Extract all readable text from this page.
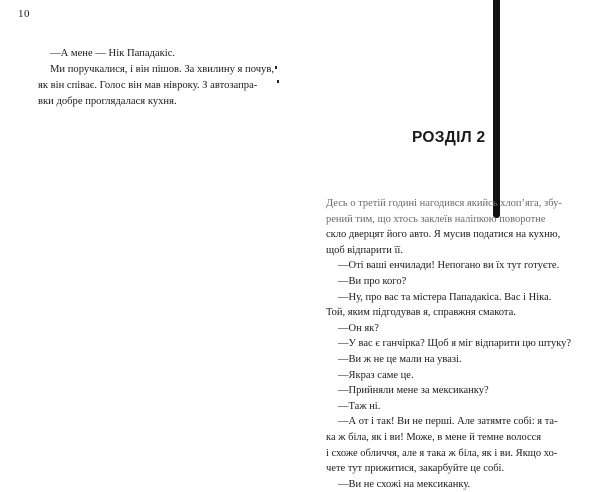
10
—А мене — Нік Пападакіс.
Ми поручкалися, і він пішов. За хвилину я почув,
як він співає. Голос він мав нівроку. З автозапра-
вки добре проглядалася кухня.
РОЗДІЛ 2
Десь о третій годині нагодився якийсь хлоп’яга, збу-
рений тим, що хтось заклеїв наліпкою поворотне
скло дверцят його авто. Я мусив податися на кухню,
щоб відпарити її.
—Оті ваші енчилади! Непогано ви їх тут готуєте.
—Ви про кого?
—Ну, про вас та містера Пападакіса. Вас і Ніка.
Той, яким підгодував я, справжня смакота.
—Он як?
—У вас є ганчірка? Щоб я міг відпарити цю штуку?
—Ви ж не це мали на увазі.
—Якраз саме це.
—Прийняли мене за мексиканку?
—Таж ні.
—А от і так! Ви не перші. Але затямте собі: я та-
ка ж біла, як і ви! Може, в мене й темне волосся
і схоже обличчя, але я така ж біла, як і ви. Якщо хо-
чете тут прижитися, закарбуйте це собі.
—Ви не схожі на мексиканку.
